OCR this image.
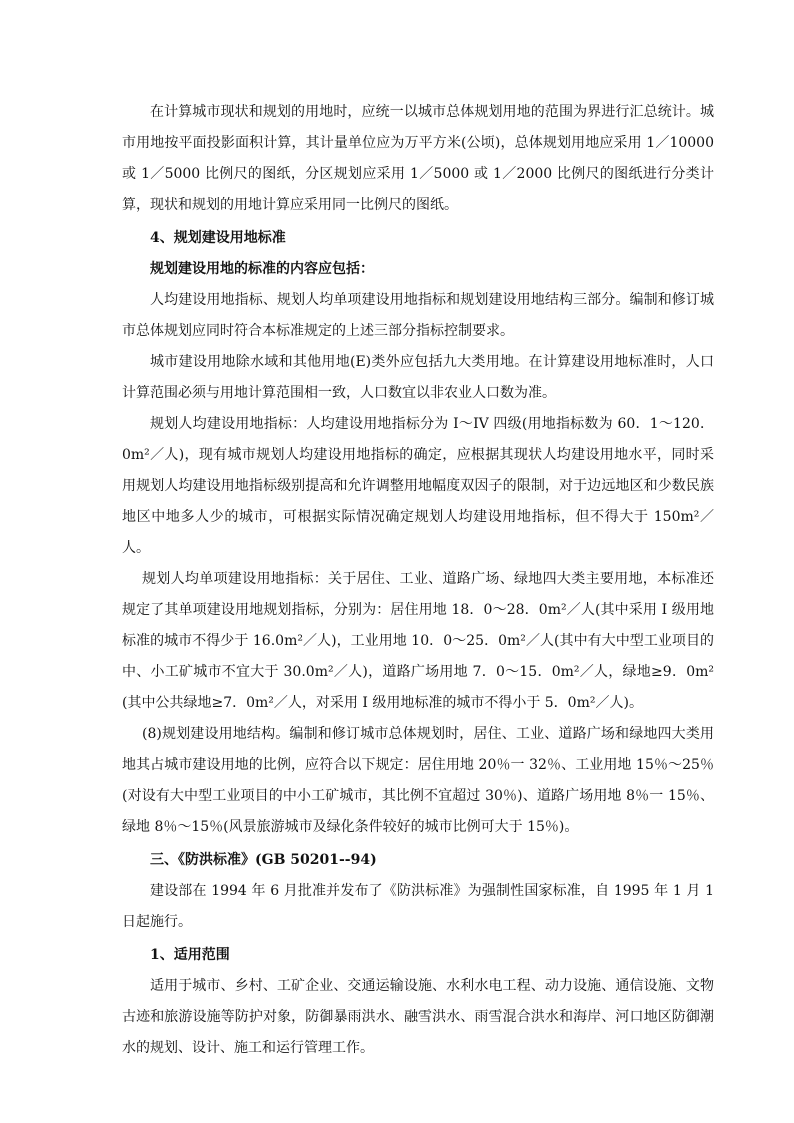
在计算城市现状和规划的用地时，应统一以城市总体规划用地的范围为界进行汇总统计。城市用地按平面投影面积计算，其计量单位应为万平方米(公顷)，总体规划用地应采用 1／10000 或 1／5000 比例尺的图纸，分区规划应采用 1／5000 或 1／2000 比例尺的图纸进行分类计算，现状和规划的用地计算应采用同一比例尺的图纸。

4、规划建设用地标准

规划建设用地的标准的内容应包括：

人均建设用地指标、规划人均单项建设用地指标和规划建设用地结构三部分。编制和修订城市总体规划应同时符合本标准规定的上述三部分指标控制要求。

城市建设用地除水域和其他用地(E)类外应包括九大类用地。在计算建设用地标准时，人口计算范围必须与用地计算范围相一致，人口数宜以非农业人口数为准。

规划人均建设用地指标：人均建设用地指标分为 I～IV 四级(用地指标数为 60．1～120．0m²／人)，现有城市规划人均建设用地指标的确定，应根据其现状人均建设用地水平，同时采用规划人均建设用地指标级别提高和允许调整用地幅度双因子的限制，对于边远地区和少数民族地区中地多人少的城市，可根据实际情况确定规划人均建设用地指标，但不得大于 150m²／人。

规划人均单项建设用地指标：关于居住、工业、道路广场、绿地四大类主要用地，本标准还规定了其单项建设用地规划指标，分别为：居住用地 18．0～28．0m²／人(其中采用 I 级用地标准的城市不得少于 16.0m²／人)，工业用地 10．0～25．0m²／人(其中有大中型工业项目的中、小工矿城市不宜大于 30.0m²／人)，道路广场用地 7．0～15．0m²／人，绿地≥9．0m²(其中公共绿地≥7．0m²／人，对采用 I 级用地标准的城市不得小于 5．0m²／人)。

(8)规划建设用地结构。编制和修订城市总体规划时，居住、工业、道路广场和绿地四大类用地其占城市建设用地的比例，应符合以下规定：居住用地 20％一 32％、工业用地 15％～25％(对设有大中型工业项目的中小工矿城市，其比例不宜超过 30％)、道路广场用地 8％一 15％、绿地 8％～15％(风景旅游城市及绿化条件较好的城市比例可大于 15％)。

三、《防洪标准》(GB 50201--94)

建设部在 1994 年 6 月批准并发布了《防洪标准》为强制性国家标准，自 1995 年 1 月 1 日起施行。

1、适用范围

适用于城市、乡村、工矿企业、交通运输设施、水利水电工程、动力设施、通信设施、文物古迹和旅游设施等防护对象，防御暴雨洪水、融雪洪水、雨雪混合洪水和海岸、河口地区防御潮水的规划、设计、施工和运行管理工作。
